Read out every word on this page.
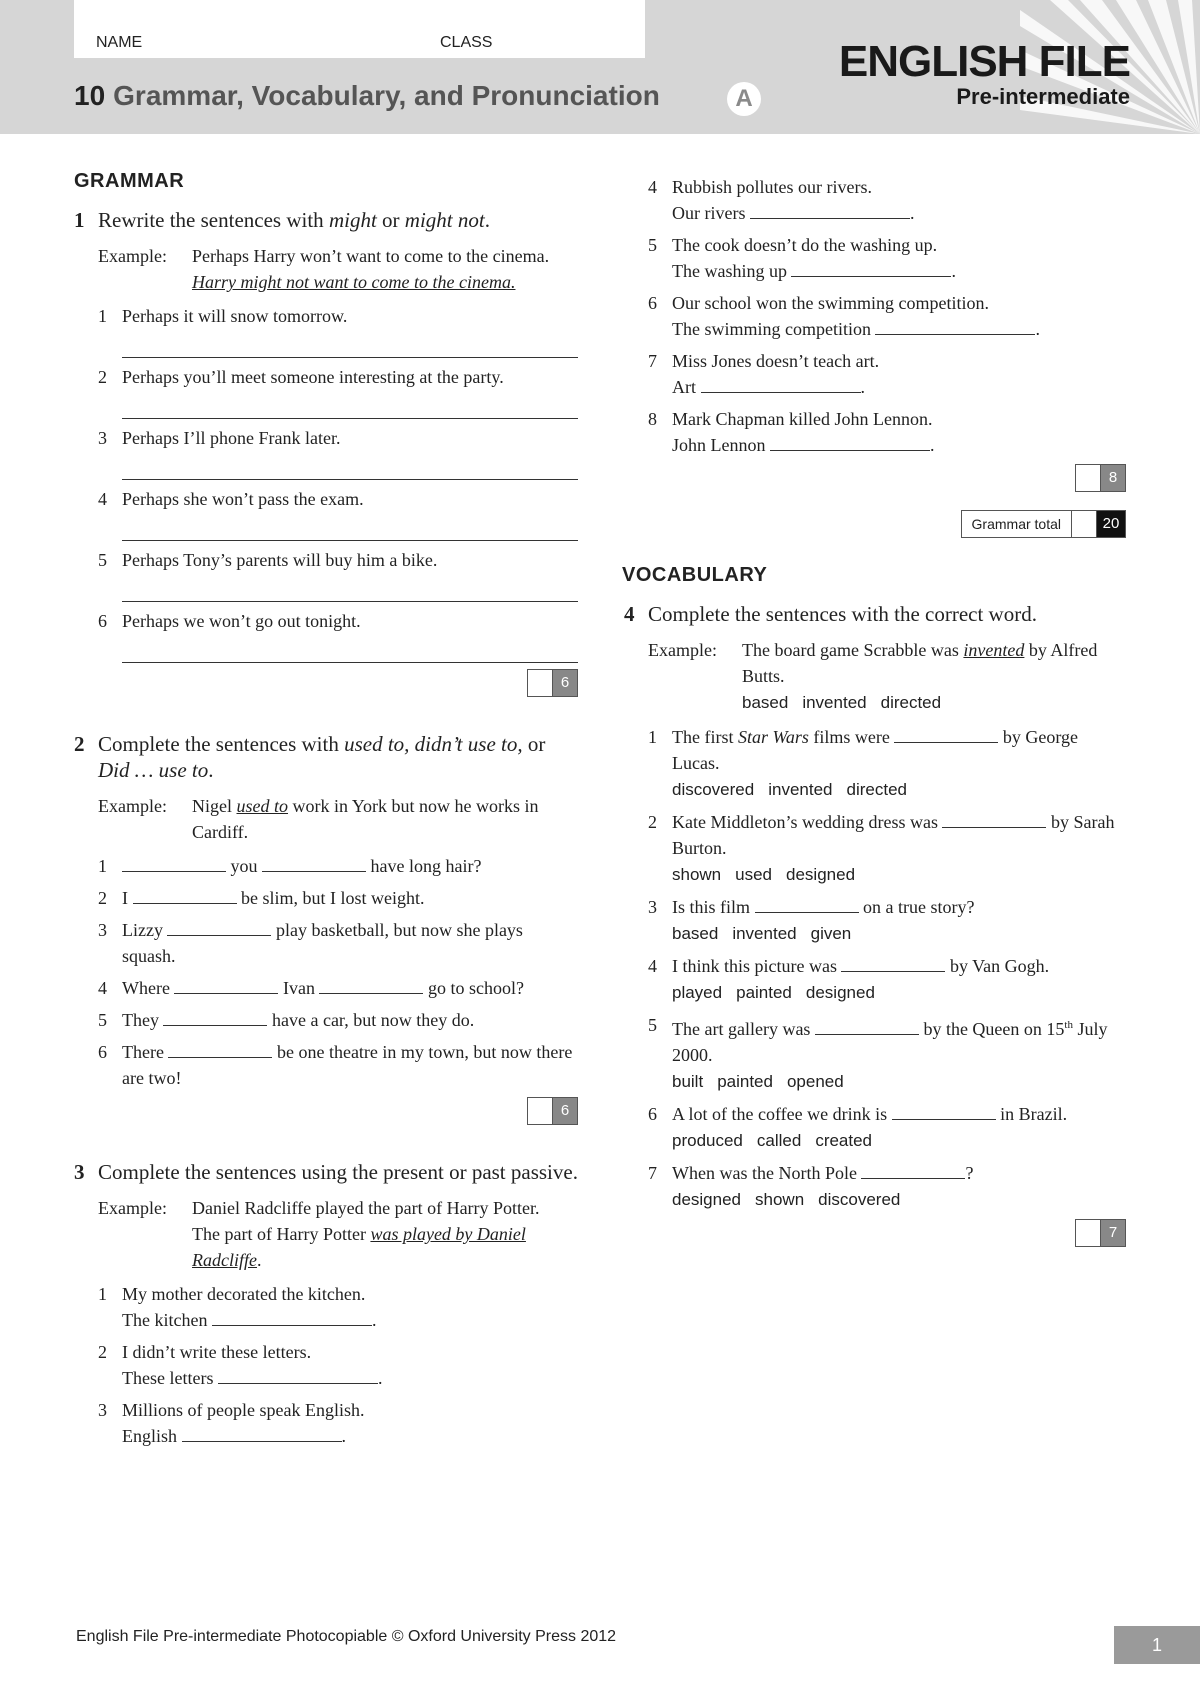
NAME	CLASS
10 Grammar, Vocabulary, and Pronunciation	A
ENGLISH FILE
Pre-intermediate
GRAMMAR
1 Rewrite the sentences with might or might not.
Example:	Perhaps Harry won’t want to come to the cinema.
Harry might not want to come to the cinema.
1 Perhaps it will snow tomorrow.
2 Perhaps you’ll meet someone interesting at the party.
3 Perhaps I’ll phone Frank later.
4 Perhaps she won’t pass the exam.
5 Perhaps Tony’s parents will buy him a bike.
6 Perhaps we won’t go out tonight.
6
2 Complete the sentences with used to, didn’t use to, or Did … use to.
Example:	Nigel used to work in York but now he works in Cardiff.
1	you	have long hair?
2 I	be slim, but I lost weight.
3 Lizzy	play basketball, but now she plays squash.
4 Where	Ivan	go to school?
5 They	have a car, but now they do.
6 There	be one theatre in my town, but now there are two!
6
3 Complete the sentences using the present or past passive.
Example:	Daniel Radcliffe played the part of Harry Potter.
The part of Harry Potter was played by Daniel Radcliffe.
1 My mother decorated the kitchen.
The kitchen	.
2 I didn’t write these letters.
These letters	.
3 Millions of people speak English.
English	.
4 Rubbish pollutes our rivers.
Our rivers	.
5 The cook doesn’t do the washing up.
The washing up	.
6 Our school won the swimming competition.
The swimming competition	.
7 Miss Jones doesn’t teach art.
Art	.
8 Mark Chapman killed John Lennon.
John Lennon	.
8
Grammar total	20
VOCABULARY
4 Complete the sentences with the correct word.
Example:	The board game Scrabble was invented by Alfred Butts.
based invented directed
1 The first Star Wars films were	by George Lucas.
discovered invented directed
2 Kate Middleton’s wedding dress was	by Sarah Burton.
shown used designed
3 Is this film	on a true story?
based invented given
4 I think this picture was	by Van Gogh.
played painted designed
5 The art gallery was	by the Queen on 15th July 2000.
built painted opened
6 A lot of the coffee we drink is	in Brazil.
produced called created
7 When was the North Pole	?
designed shown discovered
7
English File Pre-intermediate Photocopiable © Oxford University Press 2012	1
